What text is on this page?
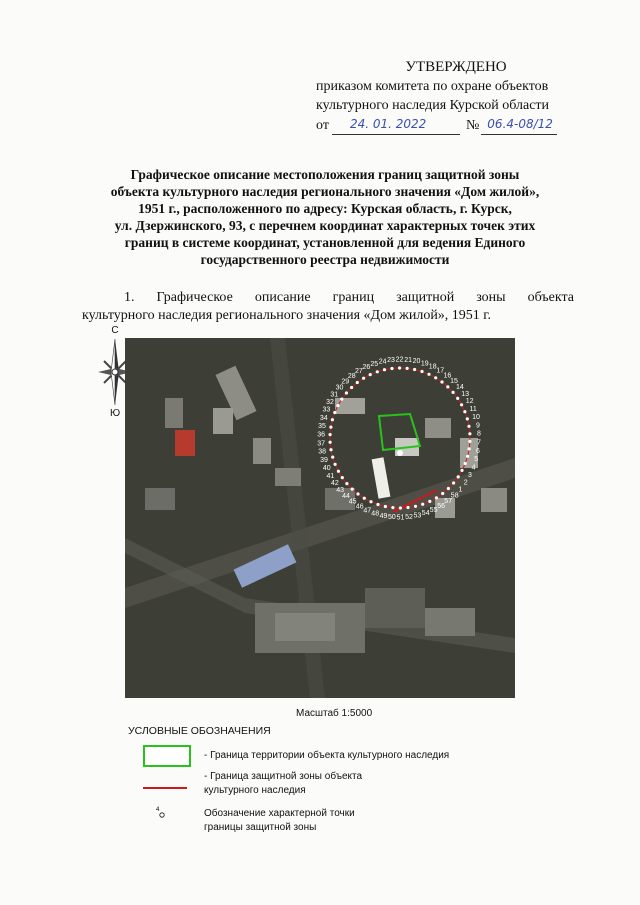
УТВЕРЖДЕНО
приказом комитета по охране объектов
культурного наследия Курской области
от	24. 01. 2022	№ 06.4-08/12
Графическое описание местоположения границ защитной зоны
объекта культурного наследия регионального значения «Дом жилой»,
1951 г., расположенного по адресу: Курская область, г. Курск,
ул. Дзержинского, 93, с перечнем координат характерных точек этих
границ в системе координат, установленной для ведения Единого
государственного реестра недвижимости
1. Графическое описание границ защитной зоны объекта
культурного наследия регионального значения «Дом жилой», 1951 г.
С
Ю
1
2
3
4
5
6
7
8
9
10
11
12
13
14
15
16
17
18
19
20
21
22
23
24
25
26
27
28
29
30
31
32
33
34
35
36
37
38
39
40
41
42
43
44
45
46
47 48 49 50 51 52 53 54 55
56
57
58
Масштаб 1:5000
УСЛОВНЫЕ ОБОЗНАЧЕНИЯ
- Граница территории объекта культурного наследия
- Граница защитной зоны объекта
культурного наследия
4	Обозначение характерной точки
границы защитной зоны
